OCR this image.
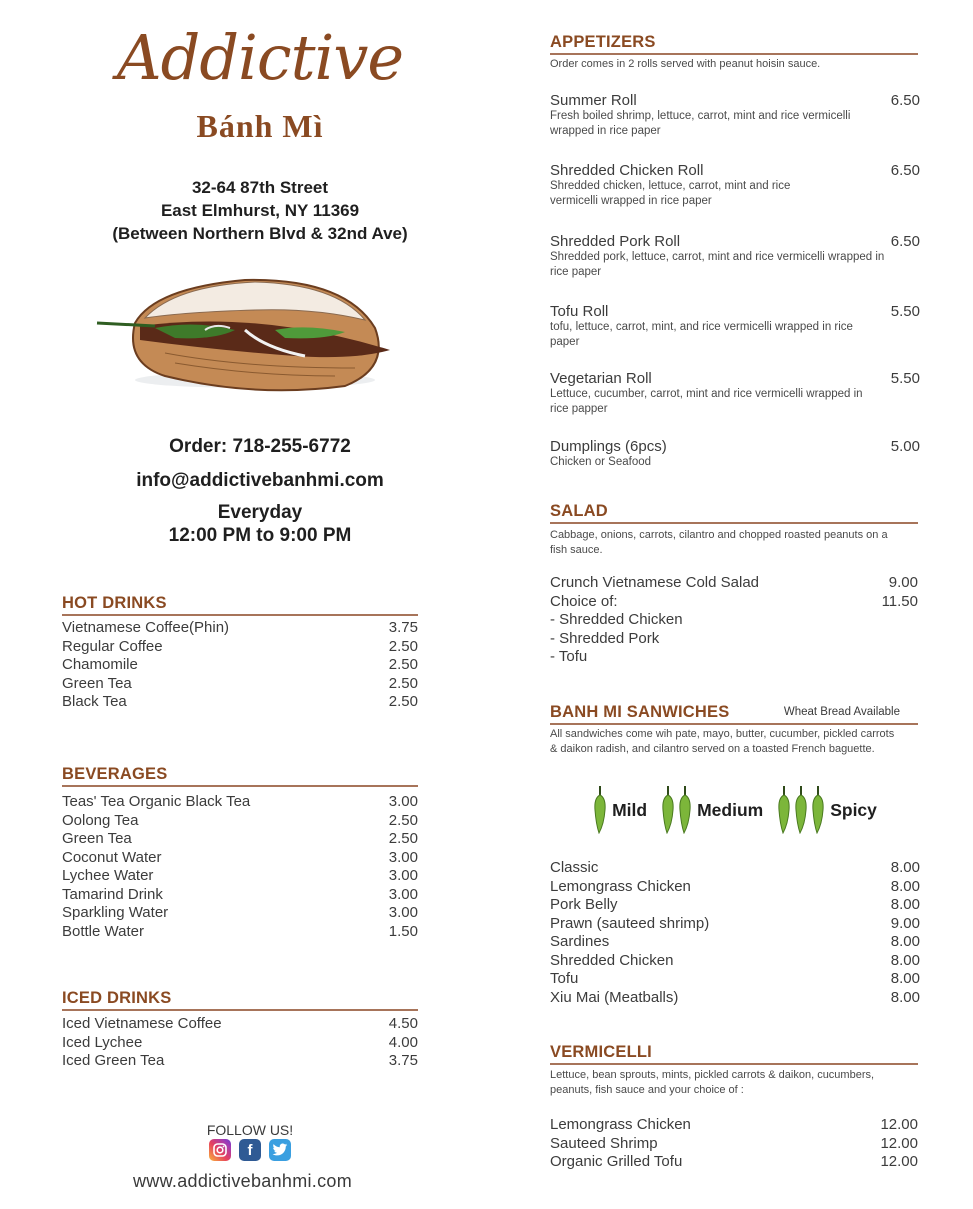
Addictive
Bánh Mì
32-64 87th Street
East Elmhurst, NY 11369
(Between Northern Blvd & 32nd Ave)
Order: 718-255-6772
info@addictivebanhmi.com
Everyday
12:00 PM to 9:00 PM
HOT DRINKS
Vietnamese Coffee(Phin)	3.75
Regular Coffee	2.50
Chamomile	2.50
Green Tea	2.50
Black Tea	2.50
BEVERAGES
Teas' Tea Organic Black Tea	3.00
Oolong Tea	2.50
Green Tea	2.50
Coconut Water	3.00
Lychee Water	3.00
Tamarind Drink	3.00
Sparkling Water	3.00
Bottle Water	1.50
ICED DRINKS
Iced Vietnamese Coffee	4.50
Iced Lychee	4.00
Iced Green Tea	3.75
FOLLOW US!
f
www.addictivebanhmi.com
APPETIZERS
Order comes in 2 rolls served with peanut hoisin sauce.
Summer Roll	6.50
Fresh boiled shrimp, lettuce, carrot, mint and rice vermicelli wrapped in rice paper
Shredded Chicken Roll	6.50
Shredded chicken, lettuce, carrot, mint and rice vermicelli wrapped in rice paper
Shredded Pork Roll	6.50
Shredded pork, lettuce, carrot, mint and rice vermicelli wrapped in rice paper
Tofu Roll	5.50
tofu, lettuce, carrot, mint, and rice vermicelli wrapped in rice paper
Vegetarian Roll	5.50
Lettuce, cucumber, carrot, mint and rice vermicelli wrapped in rice papper
Dumplings (6pcs)	5.00
Chicken or Seafood
SALAD
Cabbage, onions, carrots, cilantro and chopped roasted peanuts on a fish sauce.
Crunch Vietnamese Cold Salad	9.00
Choice of:	11.50
- Shredded Chicken
- Shredded Pork
- Tofu
BANH MI SANWICHES	Wheat Bread Available
All sandwiches come wih pate, mayo, butter, cucumber, pickled carrots & daikon radish, and cilantro served on a toasted French baguette.
Mild	Medium	Spicy
Classic	8.00
Lemongrass Chicken	8.00
Pork Belly	8.00
Prawn (sauteed shrimp)	9.00
Sardines	8.00
Shredded Chicken	8.00
Tofu	8.00
Xiu Mai (Meatballs)	8.00
VERMICELLI
Lettuce, bean sprouts, mints, pickled carrots & daikon, cucumbers, peanuts, fish sauce and your choice of :
Lemongrass Chicken	12.00
Sauteed Shrimp	12.00
Organic Grilled Tofu	12.00
